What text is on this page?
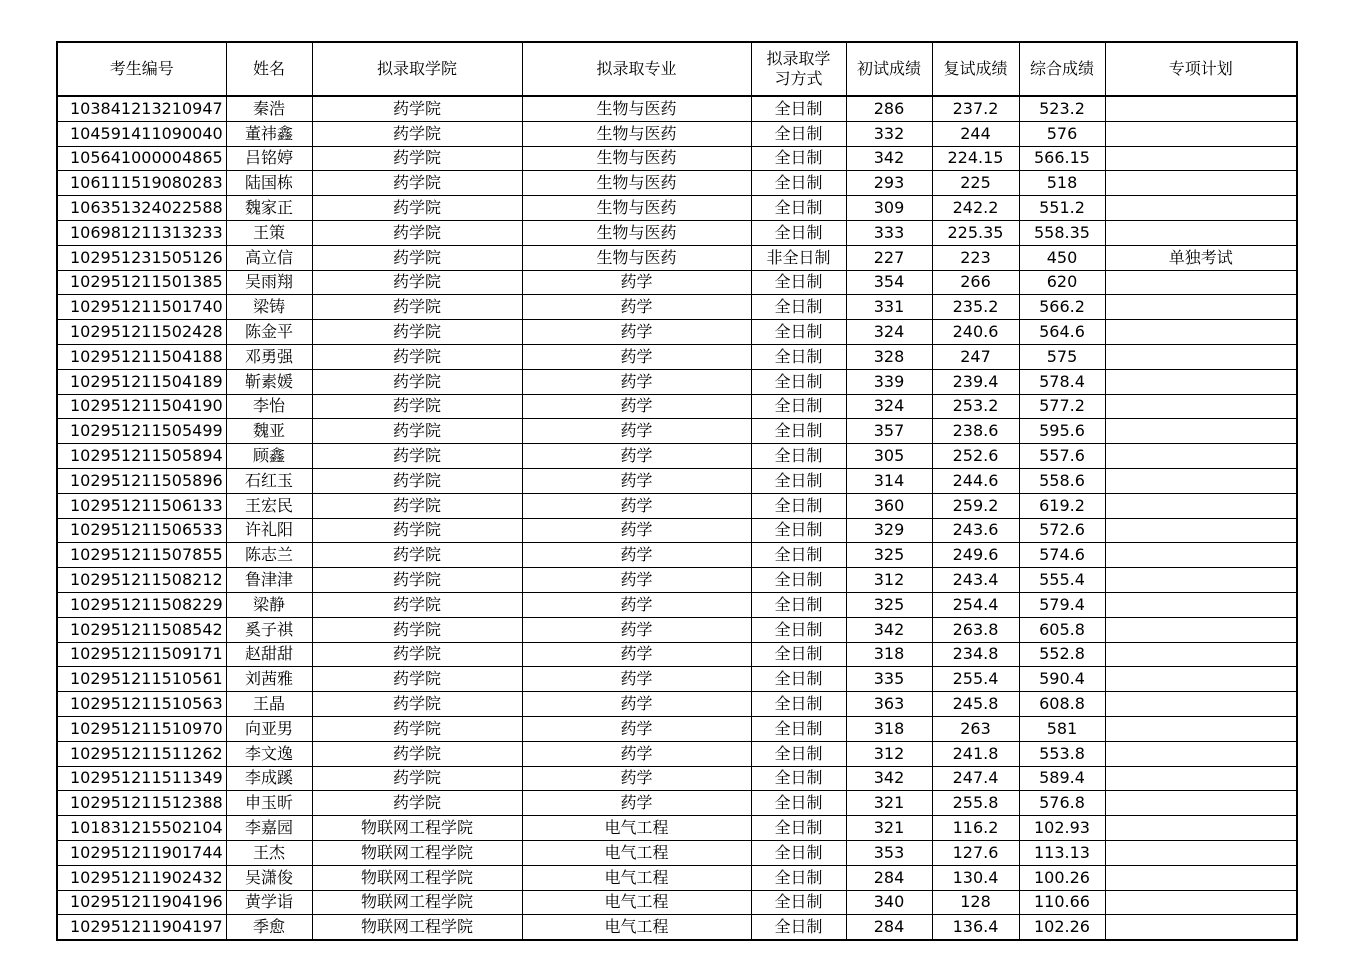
考生编号	姓名	拟录取学院	拟录取专业	拟录取学习方式	初试成绩	复试成绩	综合成绩	专项计划
103841213210947	秦浩	药学院	生物与医药	全日制	286	237.2	523.2	
104591411090040	董祎鑫	药学院	生物与医药	全日制	332	244	576	
105641000004865	吕铭婷	药学院	生物与医药	全日制	342	224.15	566.15	
106111519080283	陆国栋	药学院	生物与医药	全日制	293	225	518	
106351324022588	魏家正	药学院	生物与医药	全日制	309	242.2	551.2	
106981211313233	王策	药学院	生物与医药	全日制	333	225.35	558.35	
102951231505126	高立信	药学院	生物与医药	非全日制	227	223	450	单独考试
102951211501385	吴雨翔	药学院	药学	全日制	354	266	620	
102951211501740	梁铸	药学院	药学	全日制	331	235.2	566.2	
102951211502428	陈金平	药学院	药学	全日制	324	240.6	564.6	
102951211504188	邓勇强	药学院	药学	全日制	328	247	575	
102951211504189	靳素媛	药学院	药学	全日制	339	239.4	578.4	
102951211504190	李怡	药学院	药学	全日制	324	253.2	577.2	
102951211505499	魏亚	药学院	药学	全日制	357	238.6	595.6	
102951211505894	顾鑫	药学院	药学	全日制	305	252.6	557.6	
102951211505896	石红玉	药学院	药学	全日制	314	244.6	558.6	
102951211506133	王宏民	药学院	药学	全日制	360	259.2	619.2	
102951211506533	许礼阳	药学院	药学	全日制	329	243.6	572.6	
102951211507855	陈志兰	药学院	药学	全日制	325	249.6	574.6	
102951211508212	鲁津津	药学院	药学	全日制	312	243.4	555.4	
102951211508229	梁静	药学院	药学	全日制	325	254.4	579.4	
102951211508542	奚子祺	药学院	药学	全日制	342	263.8	605.8	
102951211509171	赵甜甜	药学院	药学	全日制	318	234.8	552.8	
102951211510561	刘茜雅	药学院	药学	全日制	335	255.4	590.4	
102951211510563	王晶	药学院	药学	全日制	363	245.8	608.8	
102951211510970	向亚男	药学院	药学	全日制	318	263	581	
102951211511262	李文逸	药学院	药学	全日制	312	241.8	553.8	
102951211511349	李成蹊	药学院	药学	全日制	342	247.4	589.4	
102951211512388	申玉昕	药学院	药学	全日制	321	255.8	576.8	
101831215502104	李嘉园	物联网工程学院	电气工程	全日制	321	116.2	102.93	
102951211901744	王杰	物联网工程学院	电气工程	全日制	353	127.6	113.13	
102951211902432	吴潇俊	物联网工程学院	电气工程	全日制	284	130.4	100.26	
102951211904196	黄学诣	物联网工程学院	电气工程	全日制	340	128	110.66	
102951211904197	季愈	物联网工程学院	电气工程	全日制	284	136.4	102.26	
